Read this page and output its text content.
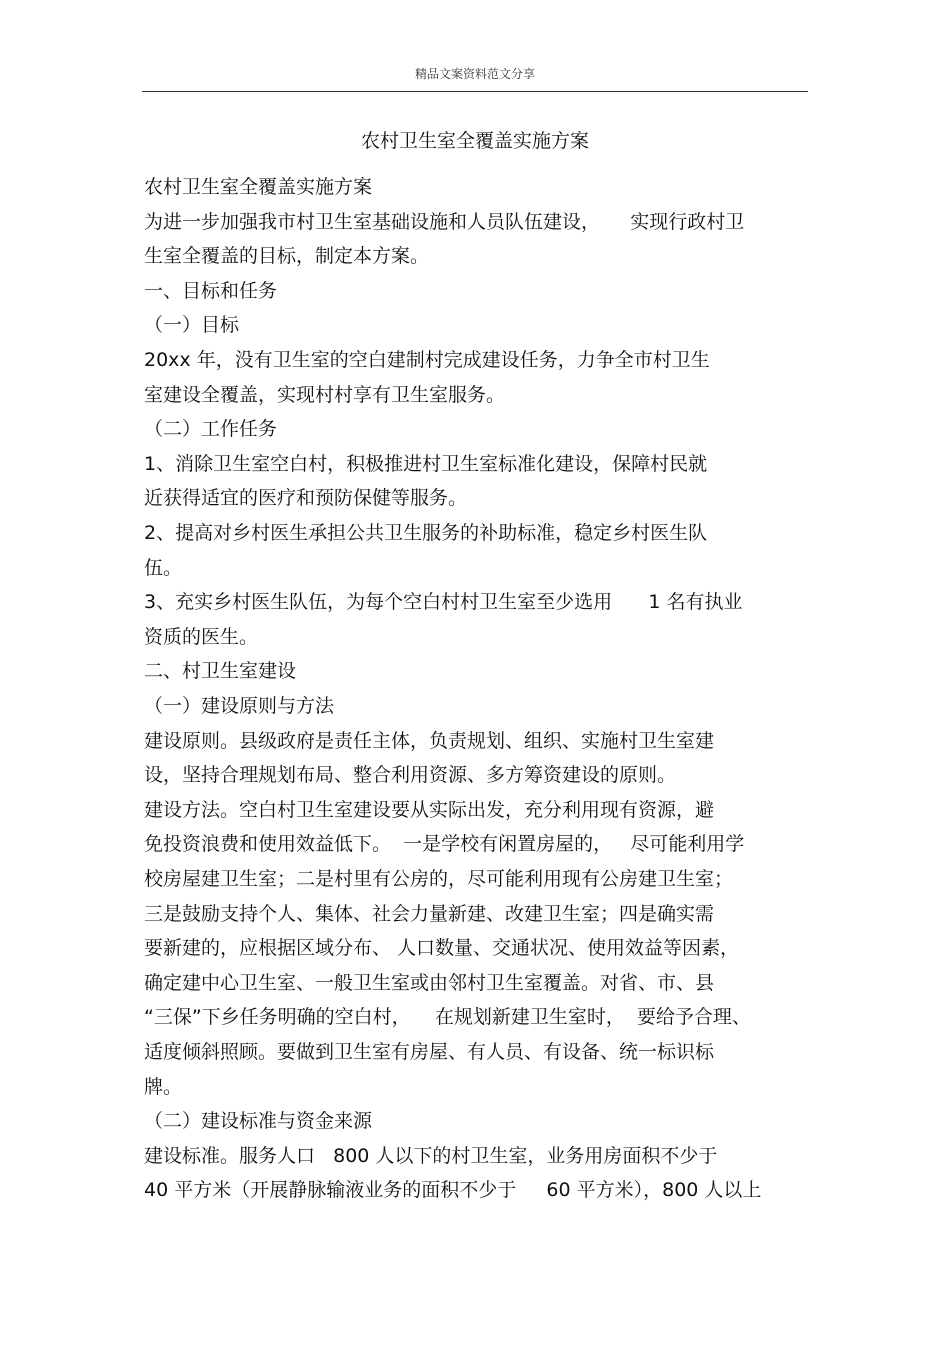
精品文案资料范文分享
农村卫生室全覆盖实施方案
农村卫生室全覆盖实施方案
为进一步加强我市村卫生室基础设施和人员队伍建设，     实现行政村卫
生室全覆盖的目标，制定本方案。
一、目标和任务
（一）目标
20xx 年，没有卫生室的空白建制村完成建设任务，力争全市村卫生
室建设全覆盖，实现村村享有卫生室服务。
（二）工作任务
1、消除卫生室空白村，积极推进村卫生室标准化建设，保障村民就
近获得适宜的医疗和预防保健等服务。
2、提高对乡村医生承担公共卫生服务的补助标准，稳定乡村医生队
伍。
3、充实乡村医生队伍，为每个空白村村卫生室至少选用      1 名有执业
资质的医生。
二、村卫生室建设
（一）建设原则与方法
建设原则。县级政府是责任主体，负责规划、组织、实施村卫生室建
设，坚持合理规划布局、整合利用资源、多方筹资建设的原则。
建设方法。空白村卫生室建设要从实际出发，充分利用现有资源，避
免投资浪费和使用效益低下。  一是学校有闲置房屋的，   尽可能利用学
校房屋建卫生室；二是村里有公房的，尽可能利用现有公房建卫生室；
三是鼓励支持个人、集体、社会力量新建、改建卫生室；四是确实需
要新建的，应根据区域分布、 人口数量、交通状况、使用效益等因素，
确定建中心卫生室、一般卫生室或由邻村卫生室覆盖。对省、市、县
“三保”下乡任务明确的空白村，    在规划新建卫生室时，  要给予合理、
适度倾斜照顾。要做到卫生室有房屋、有人员、有设备、统一标识标
牌。
（二）建设标准与资金来源
建设标准。服务人口   800 人以下的村卫生室，业务用房面积不少于
40 平方米（开展静脉输液业务的面积不少于     60 平方米），800 人以上
